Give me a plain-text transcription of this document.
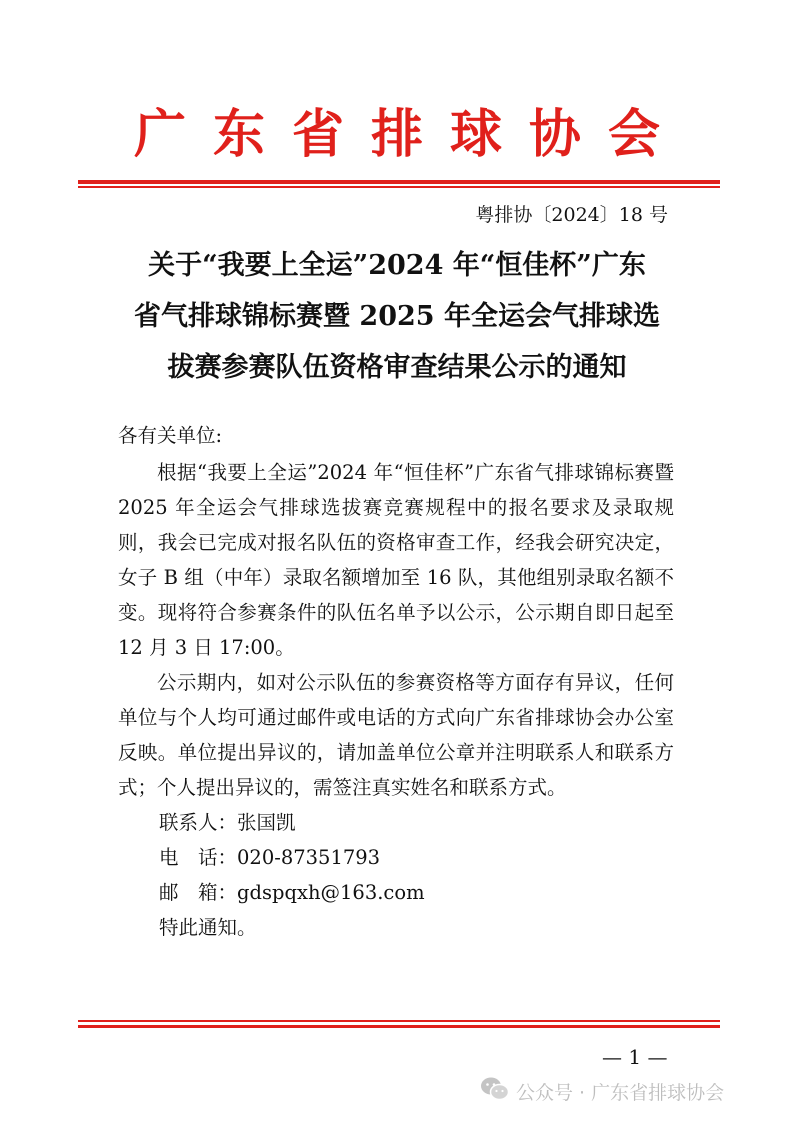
广东省排球协会
粤排协〔2024〕18 号
关于“我要上全运”2024 年“恒佳杯”广东
省气排球锦标赛暨 2025 年全运会气排球选
拔赛参赛队伍资格审查结果公示的通知

各有关单位:

根据“我要上全运”2024 年“恒佳杯”广东省气排球锦标赛暨2025 年全运会气排球选拔赛竞赛规程中的报名要求及录取规则，我会已完成对报名队伍的资格审查工作，经我会研究决定，女子 B 组（中年）录取名额增加至 16 队，其他组别录取名额不变。现将符合参赛条件的队伍名单予以公示，公示期自即日起至 12 月 3 日 17:00。

公示期内，如对公示队伍的参赛资格等方面存有异议，任何单位与个人均可通过邮件或电话的方式向广东省排球协会办公室反映。单位提出异议的，请加盖单位公章并注明联系人和联系方式；个人提出异议的，需签注真实姓名和联系方式。

联系人：张国凯

电　话：020-87351793

邮　箱：gdspqxh@163.com

特此通知。

— 1 —
公众号 · 广东省排球协会
